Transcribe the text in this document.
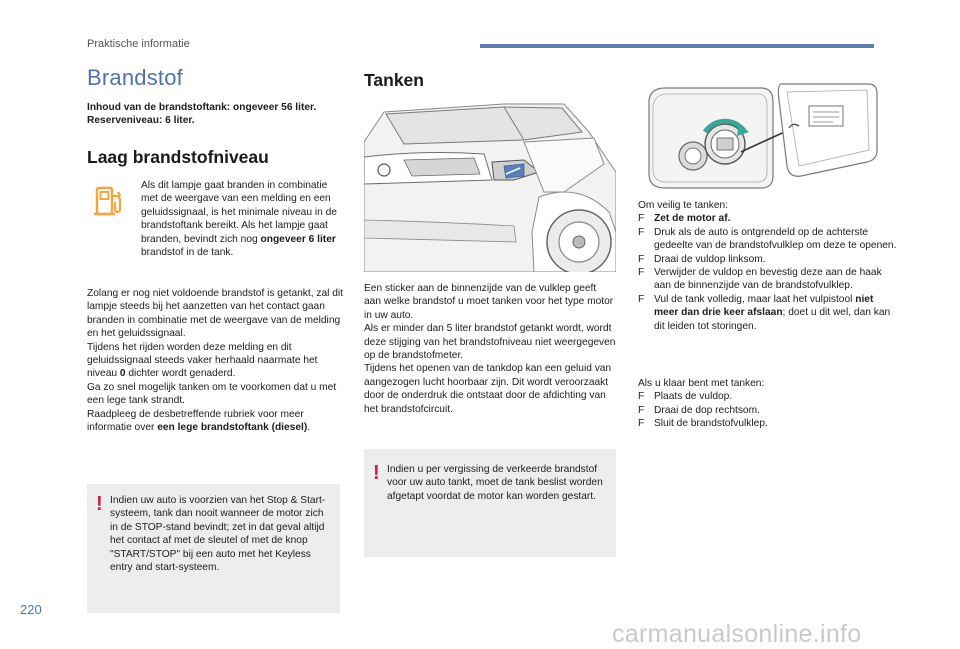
Praktische informatie
Brandstof
Inhoud van de brandstoftank: ongeveer 56 liter.
Reserveniveau: 6 liter.
Laag brandstofniveau
Als dit lampje gaat branden in combinatie met de weergave van een melding en een geluidssignaal, is het minimale niveau in de brandstoftank bereikt. Als het lampje gaat branden, bevindt zich nog ongeveer 6 liter brandstof in de tank.

Zolang er nog niet voldoende brandstof is getankt, zal dit lampje steeds bij het aanzetten van het contact gaan branden in combinatie met de weergave van de melding en het geluidssignaal.

Tijdens het rijden worden deze melding en dit geluidssignaal steeds vaker herhaald naarmate het niveau 0 dichter wordt genaderd.

Ga zo snel mogelijk tanken om te voorkomen dat u met een lege tank strandt.

Raadpleeg de desbetreffende rubriek voor meer informatie over een lege brandstoftank (diesel).

! Indien uw auto is voorzien van het Stop & Start-systeem, tank dan nooit wanneer de motor zich in de STOP-stand bevindt; zet in dat geval altijd het contact af met de sleutel of met de knop "START/STOP" bij een auto met het Keyless entry and start-systeem.
Tanken

Een sticker aan de binnenzijde van de vulklep geeft aan welke brandstof u moet tanken voor het type motor in uw auto.

Als er minder dan 5 liter brandstof getankt wordt, wordt deze stijging van het brandstofniveau niet weergegeven op de brandstofmeter.

Tijdens het openen van de tankdop kan een geluid van aangezogen lucht hoorbaar zijn. Dit wordt veroorzaakt door de onderdruk die ontstaat door de afdichting van het brandstofcircuit.

! Indien u per vergissing de verkeerde brandstof voor uw auto tankt, moet de tank beslist worden afgetapt voordat de motor kan worden gestart.
Om veilig te tanken:
F Zet de motor af.
F Druk als de auto is ontgrendeld op de achterste gedeelte van de brandstofvulklep om deze te openen.
F Draai de vuldop linksom.
F Verwijder de vuldop en bevestig deze aan de haak aan de binnenzijde van de brandstofvulklep.
F Vul de tank volledig, maar laat het vulpistool niet meer dan drie keer afslaan; doet u dit wel, dan kan dit leiden tot storingen.
Als u klaar bent met tanken:
F Plaats de vuldop.
F Draai de dop rechtsom.
F Sluit de brandstofvulklep.
220
carmanualsonline.info
